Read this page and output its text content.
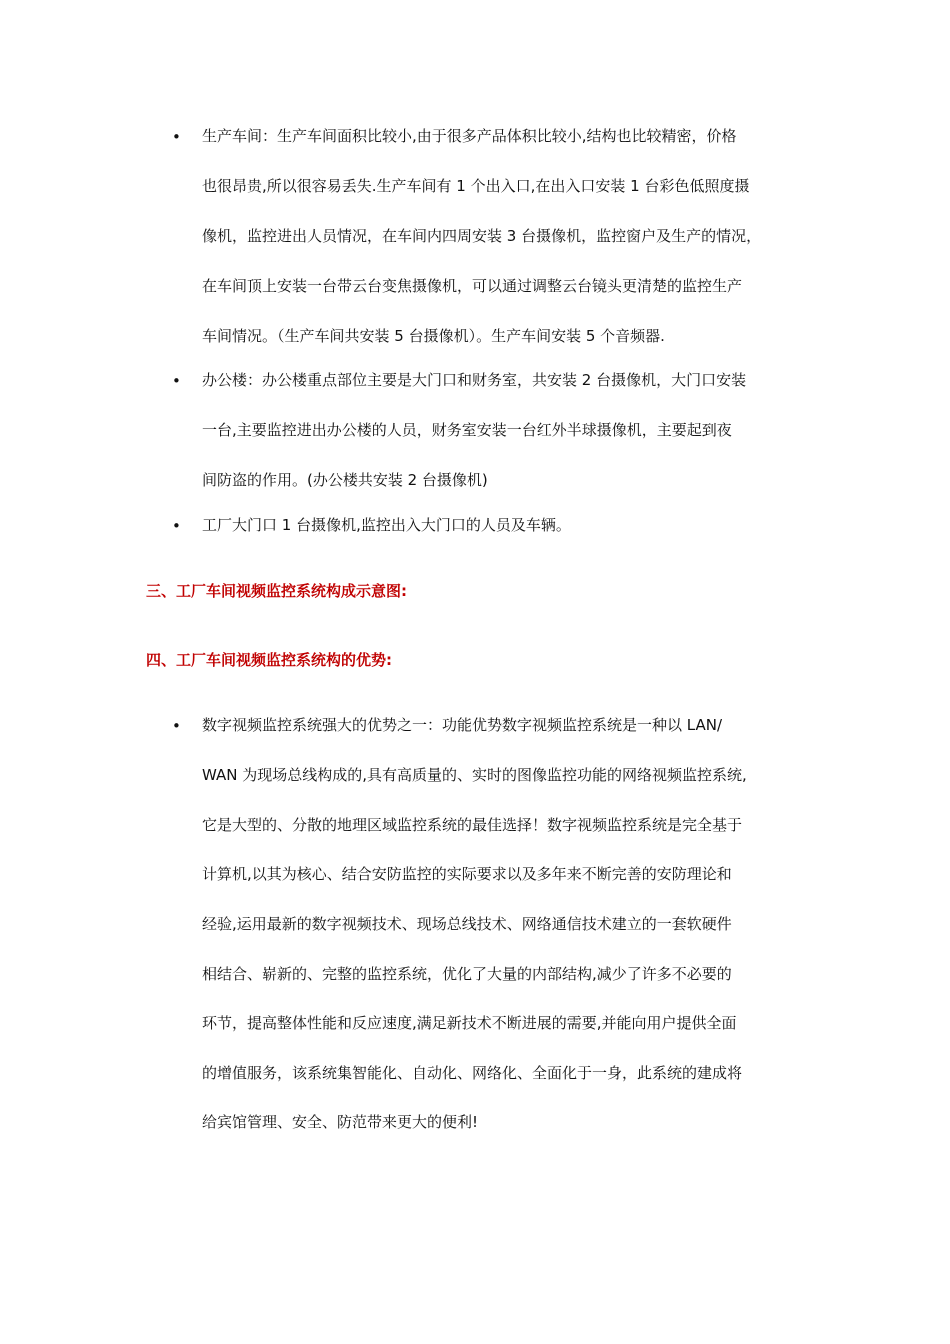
• 生产车间：生产车间面积比较小,由于很多产品体积比较小,结构也比较精密，价格
也很昂贵,所以很容易丢失.生产车间有 1 个出入口,在出入口安装 1 台彩色低照度摄
像机，监控进出人员情况，在车间内四周安装 3 台摄像机，监控窗户及生产的情况，
在车间顶上安装一台带云台变焦摄像机，可以通过调整云台镜头更清楚的监控生产
车间情况。（生产车间共安装 5 台摄像机）。生产车间安装 5 个音频器.
• 办公楼：办公楼重点部位主要是大门口和财务室，共安装 2 台摄像机，大门口安装
一台,主要监控进出办公楼的人员，财务室安装一台红外半球摄像机，主要起到夜
间防盗的作用。(办公楼共安装 2 台摄像机)
• 工厂大门口 1 台摄像机,监控出入大门口的人员及车辆。
三、工厂车间视频监控系统构成示意图:
四、工厂车间视频监控系统构的优势:
• 数字视频监控系统强大的优势之一：功能优势数字视频监控系统是一种以 LAN/
WAN 为现场总线构成的,具有高质量的、实时的图像监控功能的网络视频监控系统,
它是大型的、分散的地理区域监控系统的最佳选择！数字视频监控系统是完全基于
计算机,以其为核心、结合安防监控的实际要求以及多年来不断完善的安防理论和
经验,运用最新的数字视频技术、现场总线技术、网络通信技术建立的一套软硬件
相结合、崭新的、完整的监控系统，优化了大量的内部结构,减少了许多不必要的
环节，提高整体性能和反应速度,满足新技术不断进展的需要,并能向用户提供全面
的增值服务，该系统集智能化、自动化、网络化、全面化于一身，此系统的建成将
给宾馆管理、安全、防范带来更大的便利!
